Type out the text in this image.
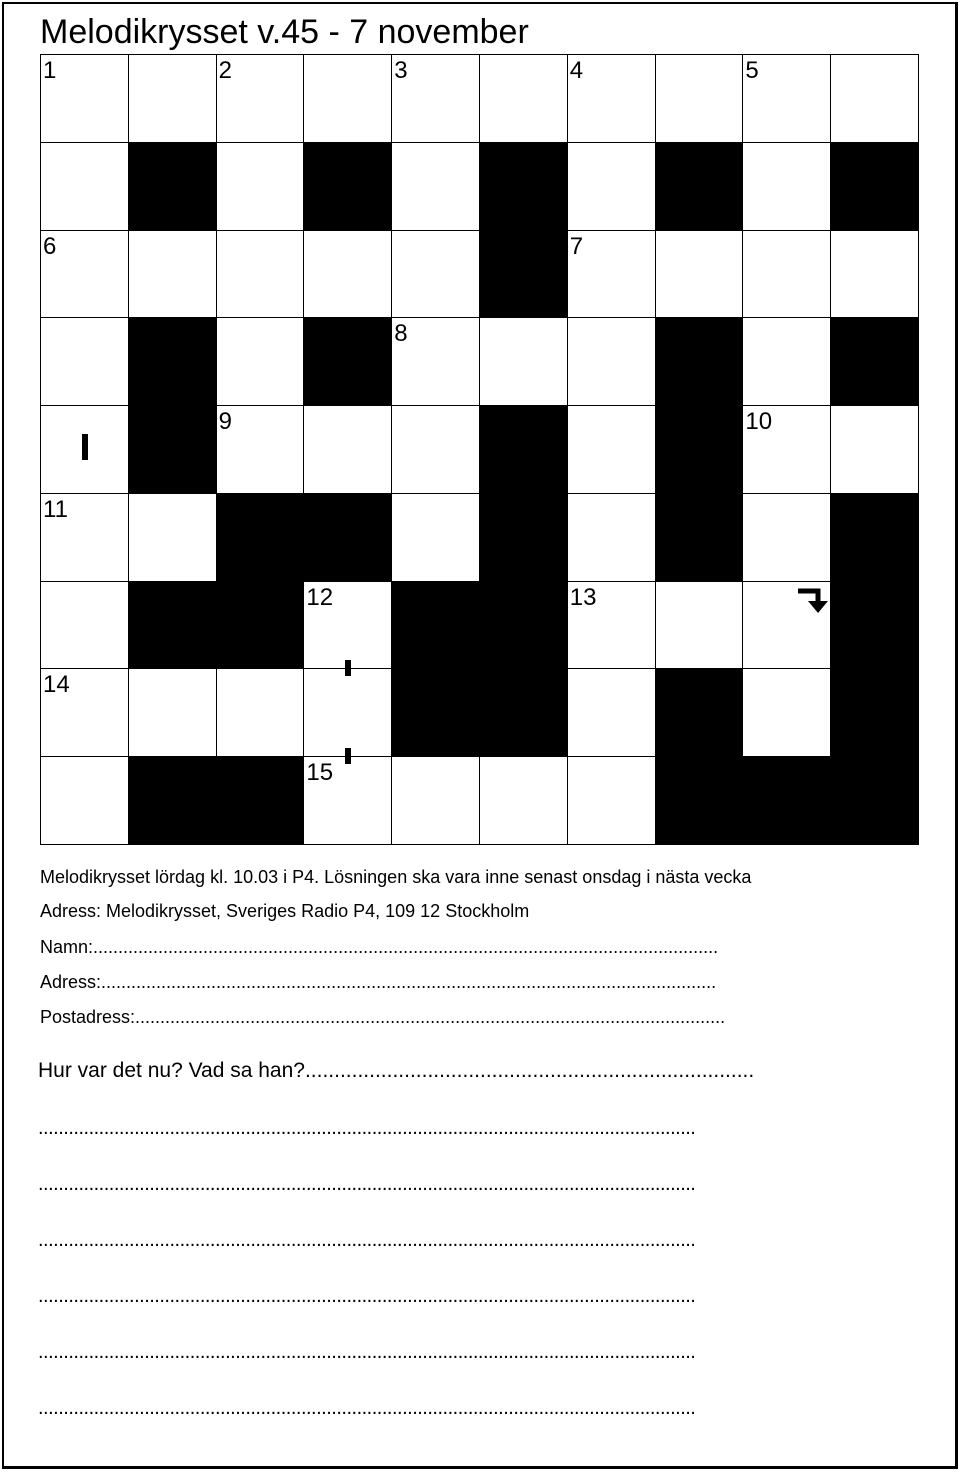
Melodikrysset v.45 - 7 november
1	2	3	4	5
6	7
8
9	10
11
12	13
14
15
Melodikrysset lördag kl. 10.03 i P4. Lösningen ska vara inne senast onsdag i nästa vecka
Adress: Melodikrysset, Sveriges Radio P4, 109 12 Stockholm
Namn:.............................................................................................................................
Adress:...........................................................................................................................
Postadress:......................................................................................................................
Hur var det nu? Vad sa han?.............................................................................
..................................................................................................................................
..................................................................................................................................
..................................................................................................................................
..................................................................................................................................
..................................................................................................................................
..................................................................................................................................
